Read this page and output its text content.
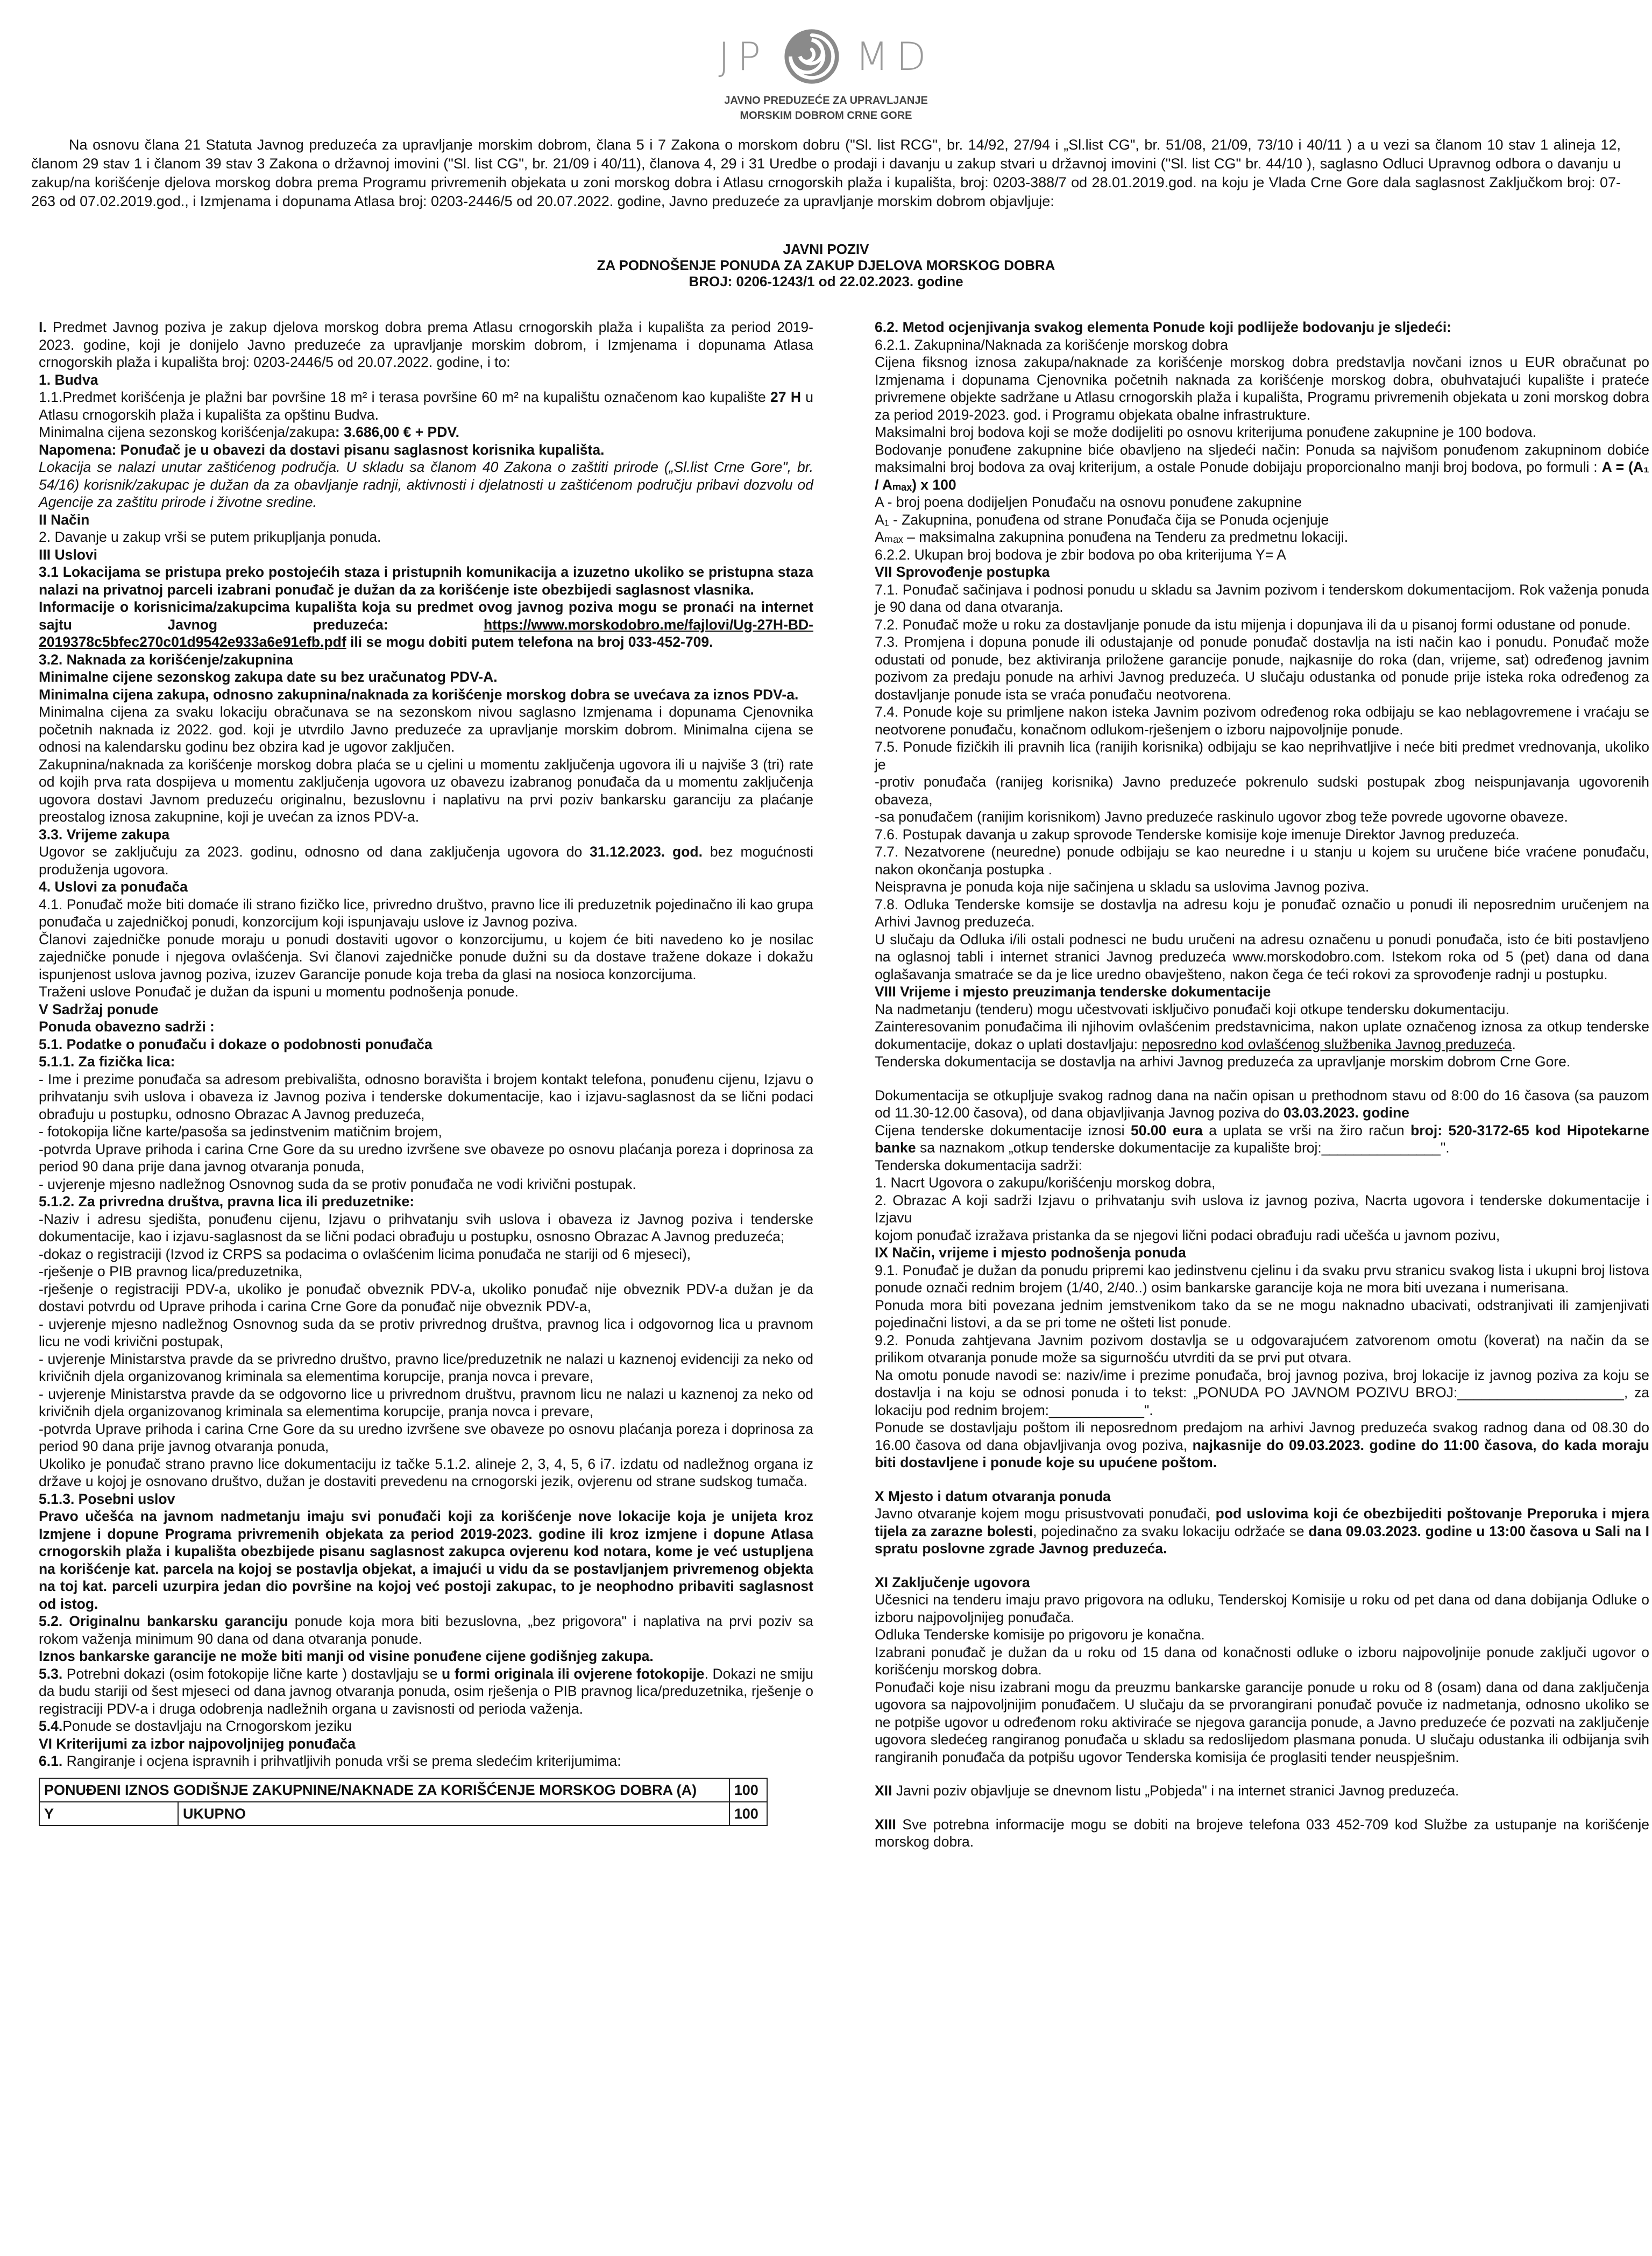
JP MD
JAVNO PREDUZEĆE ZA UPRAVLJANJE
MORSKIM DOBROM CRNE GORE

Na osnovu člana 21 Statuta Javnog preduzeća za upravljanje morskim dobrom, člana 5 i 7 Zakona o morskom dobru ("Sl. list RCG", br. 14/92, 27/94 i „Sl.list CG", br. 51/08, 21/09, 73/10 i 40/11 ) a u vezi sa članom 10 stav 1 alineja 12, članom 29 stav 1 i članom 39 stav 3 Zakona o državnoj imovini ("Sl. list CG", br. 21/09 i 40/11), članova 4, 29 i 31 Uredbe o prodaji i davanju u zakup stvari u državnoj imovini ("Sl. list CG" br. 44/10 ), saglasno Odluci Upravnog odbora o davanju u zakup/na korišćenje djelova morskog dobra prema Programu privremenih objekata u zoni morskog dobra i Atlasu crnogorskih plaža i kupališta, broj: 0203-388/7 od 28.01.2019.god. na koju je Vlada Crne Gore dala saglasnost Zaključkom broj: 07-263 od 07.02.2019.god., i Izmjenama i dopunama Atlasa broj: 0203-2446/5 od 20.07.2022. godine, Javno preduzeće za upravljanje morskim dobrom objavljuje:

JAVNI POZIV
ZA PODNOŠENJE PONUDA ZA ZAKUP DJELOVA MORSKOG DOBRA
BROJ: 0206-1243/1 od 22.02.2023. godine

I. Predmet Javnog poziva je zakup djelova morskog dobra prema Atlasu crnogorskih plaža i kupališta za period 2019-2023. godine, koji je donijelo Javno preduzeće za upravljanje morskim dobrom, i Izmjenama i dopunama Atlasa crnogorskih plaža i kupališta broj: 0203-2446/5 od 20.07.2022. godine, i to:

1. Budva

1.1.Predmet korišćenja je plažni bar površine 18 m² i terasa površine 60 m² na kupalištu označenom kao kupalište 27 H u Atlasu crnogorskih plaža i kupališta za opštinu Budva.

Minimalna cijena sezonskog korišćenja/zakupa: 3.686,00 € + PDV.

Napomena: Ponuđač je u obavezi da dostavi pisanu saglasnost korisnika kupališta.

Lokacija se nalazi unutar zaštićenog područja. U skladu sa članom 40 Zakona o zaštiti prirode („Sl.list Crne Gore", br. 54/16) korisnik/zakupac je dužan da za obavljanje radnji, aktivnosti i djelatnosti u zaštićenom području pribavi dozvolu od Agencije za zaštitu prirode i životne sredine.

II Način

2. Davanje u zakup vrši se putem prikupljanja ponuda.

III Uslovi

3.1 Lokacijama se pristupa preko postojećih staza i pristupnih komunikacija a izuzetno ukoliko se pristupna staza nalazi na privatnoj parceli izabrani ponuđač je dužan da za korišćenje iste obezbijedi saglasnost vlasnika.

Informacije o korisnicima/zakupcima kupališta koja su predmet ovog javnog poziva mogu se pronaći na internet sajtu Javnog preduzeća: https://www.morskodobro.me/fajlovi/Ug-27H-BD-2019378c5bfec270c01d9542e933a6e91efb.pdf ili se mogu dobiti putem telefona na broj 033-452-709.

3.2. Naknada za korišćenje/zakupnina

Minimalne cijene sezonskog zakupa date su bez uračunatog PDV-A.

Minimalna cijena zakupa, odnosno zakupnina/naknada za korišćenje morskog dobra se uvećava za iznos PDV-a.

Minimalna cijena za svaku lokaciju obračunava se na sezonskom nivou saglasno Izmjenama i dopunama Cjenovnika početnih naknada iz 2022. god. koji je utvrdilo Javno preduzeće za upravljanje morskim dobrom. Minimalna cijena se odnosi na kalendarsku godinu bez obzira kad je ugovor zaključen.

Zakupnina/naknada za korišćenje morskog dobra plaća se u cjelini u momentu zaključenja ugovora ili u najviše 3 (tri) rate od kojih prva rata dospijeva u momentu zaključenja ugovora uz obavezu izabranog ponuđača da u momentu zaključenja ugovora dostavi Javnom preduzeću originalnu, bezuslovnu i naplativu na prvi poziv bankarsku garanciju za plaćanje preostalog iznosa zakupnine, koji je uvećan za iznos PDV-a.

3.3. Vrijeme zakupa

Ugovor se zaključuju za 2023. godinu, odnosno od dana zaključenja ugovora do 31.12.2023. god. bez mogućnosti produženja ugovora.

4. Uslovi za ponuđača

4.1. Ponuđač može biti domaće ili strano fizičko lice, privredno društvo, pravno lice ili preduzetnik pojedinačno ili kao grupa ponuđača u zajedničkoj ponudi, konzorcijum koji ispunjavaju uslove iz Javnog poziva.

Članovi zajedničke ponude moraju u ponudi dostaviti ugovor o konzorcijumu, u kojem će biti navedeno ko je nosilac zajedničke ponude i njegova ovlašćenja. Svi članovi zajedničke ponude dužni su da dostave tražene dokaze i dokažu ispunjenost uslova javnog poziva, izuzev Garancije ponude koja treba da glasi na nosioca konzorcijuma.

Traženi uslove Ponuđač je dužan da ispuni u momentu podnošenja ponude.

V Sadržaj ponude

Ponuda obavezno sadrži :

5.1. Podatke o ponuđaču i dokaze o podobnosti ponuđača

5.1.1. Za fizička lica:

- Ime i prezime ponuđača sa adresom prebivališta, odnosno boravišta i brojem kontakt telefona, ponuđenu cijenu, Izjavu o prihvatanju svih uslova i obaveza iz Javnog poziva i tenderske dokumentacije, kao i izjavu-saglasnost da se lični podaci obrađuju u postupku, odnosno Obrazac A Javnog preduzeća,

- fotokopija lične karte/pasoša sa jedinstvenim matičnim brojem,

-potvrda Uprave prihoda i carina Crne Gore da su uredno izvršene sve obaveze po osnovu plaćanja poreza i doprinosa za period 90 dana prije dana javnog otvaranja ponuda,

- uvjerenje mjesno nadležnog Osnovnog suda da se protiv ponuđača ne vodi krivični postupak.

5.1.2. Za privredna društva, pravna lica ili preduzetnike:

-Naziv i adresu sjedišta, ponuđenu cijenu, Izjavu o prihvatanju svih uslova i obaveza iz Javnog poziva i tenderske dokumentacije, kao i izjavu-saglasnost da se lični podaci obrađuju u postupku, osnosno Obrazac A Javnog preduzeća;

-dokaz o registraciji (Izvod iz CRPS sa podacima o ovlašćenim licima ponuđača ne stariji od 6 mjeseci),

-rješenje o PIB pravnog lica/preduzetnika,

-rješenje o registraciji PDV-a, ukoliko je ponuđač obveznik PDV-a, ukoliko ponuđač nije obveznik PDV-a dužan je da dostavi potvrdu od Uprave prihoda i carina Crne Gore da ponuđač nije obveznik PDV-a,

- uvjerenje mjesno nadležnog Osnovnog suda da se protiv privrednog društva, pravnog lica i odgovornog lica u pravnom licu ne vodi krivični postupak,

- uvjerenje Ministarstva pravde da se privredno društvo, pravno lice/preduzetnik ne nalazi u kaznenoj evidenciji za neko od krivičnih djela organizovanog kriminala sa elementima korupcije, pranja novca i prevare,

- uvjerenje Ministarstva pravde da se odgovorno lice u privrednom društvu, pravnom licu ne nalazi u kaznenoj za neko od krivičnih djela organizovanog kriminala sa elementima korupcije, pranja novca i prevare,

-potvrda Uprave prihoda i carina Crne Gore da su uredno izvršene sve obaveze po osnovu plaćanja poreza i doprinosa za period 90 dana prije javnog otvaranja ponuda,

Ukoliko je ponuđač strano pravno lice dokumentaciju iz tačke 5.1.2. alineje 2, 3, 4, 5, 6 i7. izdatu od nadležnog organa iz države u kojoj je osnovano društvo, dužan je dostaviti prevedenu na crnogorski jezik, ovjerenu od strane sudskog tumača.

5.1.3. Posebni uslov

Pravo učešća na javnom nadmetanju imaju svi ponuđači koji za korišćenje nove lokacije koja je unijeta kroz Izmjene i dopune Programa privremenih objekata za period 2019-2023. godine ili kroz izmjene i dopune Atlasa crnogorskih plaža i kupališta obezbijede pisanu saglasnost zakupca ovjerenu kod notara, kome je već ustupljena na korišćenje kat. parcela na kojoj se postavlja objekat, a imajući u vidu da se postavljanjem privremenog objekta na toj kat. parceli uzurpira jedan dio površine na kojoj već postoji zakupac, to je neophodno pribaviti saglasnost od istog.

5.2. Originalnu bankarsku garanciju ponude koja mora biti bezuslovna, „bez prigovora" i naplativa na prvi poziv sa rokom važenja minimum 90 dana od dana otvaranja ponude.

Iznos bankarske garancije ne može biti manji od visine ponuđene cijene godišnjeg zakupa.

5.3. Potrebni dokazi (osim fotokopije lične karte ) dostavljaju se u formi originala ili ovjerene fotokopije. Dokazi ne smiju da budu stariji od šest mjeseci od dana javnog otvaranja ponuda, osim rješenja o PIB pravnog lica/preduzetnika, rješenje o registraciji PDV-a i druga odobrenja nadležnih organa u zavisnosti od perioda važenja.

5.4.Ponude se dostavljaju na Crnogorskom jeziku

VI Kriterijumi za izbor najpovoljnijeg ponuđača

6.1. Rangiranje i ocjena ispravnih i prihvatljivih ponuda vrši se prema sledećim kriterijumima:

PONUĐENI IZNOS GODIŠNJE ZAKUPNINE/NAKNADE ZA KORIŠĆENJE MORSKOG DOBRA (A)		100
Y	UKUPNO	100

6.2. Metod ocjenjivanja svakog elementa Ponude koji podliježe bodovanju je sljedeći:

6.2.1. Zakupnina/Naknada za korišćenje morskog dobra

Cijena fiksnog iznosa zakupa/naknade za korišćenje morskog dobra predstavlja novčani iznos u EUR obračunat po Izmjenama i dopunama Cjenovnika početnih naknada za korišćenje morskog dobra, obuhvatajući kupalište i prateće privremene objekte sadržane u Atlasu crnogorskih plaža i kupališta, Programu privremenih objekata u zoni morskog dobra za period 2019-2023. god. i Programu objekata obalne infrastrukture.

Maksimalni broj bodova koji se može dodijeliti po osnovu kriterijuma ponuđene zakupnine je 100 bodova.

Bodovanje ponuđene zakupnine biće obavljeno na sljedeći način: Ponuda sa najvišom ponuđenom zakupninom dobiće maksimalni broj bodova za ovaj kriterijum, a ostale Ponude dobijaju proporcionalno manji broj bodova, po formuli : A = (A₁ / Aₘₐₓ) x 100

A - broj poena dodijeljen Ponuđaču na osnovu ponuđene zakupnine

A₁ - Zakupnina, ponuđena od strane Ponuđača čija se Ponuda ocjenjuje

Aₘₐₓ – maksimalna zakupnina ponuđena na Tenderu za predmetnu lokaciji.

6.2.2. Ukupan broj bodova je zbir bodova po oba kriterijuma Y= A

VII Sprovođenje postupka

7.1. Ponuđač sačinjava i podnosi ponudu u skladu sa Javnim pozivom i tenderskom dokumentacijom. Rok važenja ponuda je 90 dana od dana otvaranja.

7.2. Ponuđač može u roku za dostavljanje ponude da istu mijenja i dopunjava ili da u pisanoj formi odustane od ponude.

7.3. Promjena i dopuna ponude ili odustajanje od ponude ponuđač dostavlja na isti način kao i ponudu. Ponuđač može odustati od ponude, bez aktiviranja priložene garancije ponude, najkasnije do roka (dan, vrijeme, sat) određenog javnim pozivom za predaju ponude na arhivi Javnog preduzeća. U slučaju odustanka od ponude prije isteka roka određenog za dostavljanje ponude ista se vraća ponuđaču neotvorena.

7.4. Ponude koje su primljene nakon isteka Javnim pozivom određenog roka odbijaju se kao neblagovremene i vraćaju se neotvorene ponuđaču, konačnom odlukom-rješenjem o izboru najpovoljnije ponude.

7.5. Ponude fizičkih ili pravnih lica (ranijih korisnika) odbijaju se kao neprihvatljive i neće biti predmet vrednovanja, ukoliko je

-protiv ponuđača (ranijeg korisnika) Javno preduzeće pokrenulo sudski postupak zbog neispunjavanja ugovorenih obaveza,

-sa ponuđačem (ranijim korisnikom) Javno preduzeće raskinulo ugovor zbog teže povrede ugovorne obaveze.

7.6. Postupak davanja u zakup sprovode Tenderske komisije koje imenuje Direktor Javnog preduzeća.

7.7. Nezatvorene (neuredne) ponude odbijaju se kao neuredne i u stanju u kojem su uručene biće vraćene ponuđaču, nakon okončanja postupka .

Neispravna je ponuda koja nije sačinjena u skladu sa uslovima Javnog poziva.

7.8. Odluka Tenderske komsije se dostavlja na adresu koju je ponuđač označio u ponudi ili neposrednim uručenjem na Arhivi Javnog preduzeća.

U slučaju da Odluka i/ili ostali podnesci ne budu uručeni na adresu označenu u ponudi ponuđača, isto će biti postavljeno na oglasnoj tabli i internet stranici Javnog preduzeća www.morskodobro.com. Istekom roka od 5 (pet) dana od dana oglašavanja smatraće se da je lice uredno obavješteno, nakon čega će teći rokovi za sprovođenje radnji u postupku.

VIII Vrijeme i mjesto preuzimanja tenderske dokumentacije

Na nadmetanju (tenderu) mogu učestvovati isključivo ponuđači koji otkupe tendersku dokumentaciju.

Zainteresovanim ponuđačima ili njihovim ovlašćenim predstavnicima, nakon uplate označenog iznosa za otkup tenderske dokumentacije, dokaz o uplati dostavljaju: neposredno kod ovlašćenog službenika Javnog preduzeća.

Tenderska dokumentacija se dostavlja na arhivi Javnog preduzeća za upravljanje morskim dobrom Crne Gore.

Dokumentacija se otkupljuje svakog radnog dana na način opisan u prethodnom stavu od 8:00 do 16 časova (sa pauzom od 11.30-12.00 časova), od dana objavljivanja Javnog poziva do 03.03.2023. godine

Cijena tenderske dokumentacije iznosi 50.00 eura a uplata se vrši na žiro račun broj: 520-3172-65 kod Hipotekarne banke sa naznakom „otkup tenderske dokumentacije za kupalište broj:_______________".

Tenderska dokumentacija sadrži:

1. Nacrt Ugovora o zakupu/korišćenju morskog dobra,

2. Obrazac A koji sadrži Izjavu o prihvatanju svih uslova iz javnog poziva, Nacrta ugovora i tenderske dokumentacije i Izjavu

kojom ponuđač izražava pristanka da se njegovi lični podaci obrađuju radi učešća u javnom pozivu,

IX Način, vrijeme i mjesto podnošenja ponuda

9.1. Ponuđač je dužan da ponudu pripremi kao jedinstvenu cjelinu i da svaku prvu stranicu svakog lista i ukupni broj listova ponude označi rednim brojem (1/40, 2/40..) osim bankarske garancije koja ne mora biti uvezana i numerisana.

Ponuda mora biti povezana jednim jemstvenikom tako da se ne mogu naknadno ubacivati, odstranjivati ili zamjenjivati pojedinačni listovi, a da se pri tome ne ošteti list ponude.

9.2. Ponuda zahtjevana Javnim pozivom dostavlja se u odgovarajućem zatvorenom omotu (koverat) na način da se prilikom otvaranja ponude može sa sigurnošću utvrditi da se prvi put otvara.

Na omotu ponude navodi se: naziv/ime i prezime ponuđača, broj javnog poziva, broj lokacije iz javnog poziva za koju se dostavlja i na koju se odnosi ponuda i to tekst: „PONUDA PO JAVNOM POZIVU BROJ:_____________________, za lokaciju pod rednim brojem:____________".

Ponude se dostavljaju poštom ili neposrednom predajom na arhivi Javnog preduzeća svakog radnog dana od 08.30 do 16.00 časova od dana objavljivanja ovog poziva, najkasnije do 09.03.2023. godine do 11:00 časova, do kada moraju biti dostavljene i ponude koje su upućene poštom.

X Mjesto i datum otvaranja ponuda

Javno otvaranje kojem mogu prisustvovati ponuđači, pod uslovima koji će obezbijediti poštovanje Preporuka i mjera tijela za zarazne bolesti, pojedinačno za svaku lokaciju održaće se dana 09.03.2023. godine u 13:00 časova u Sali na I spratu poslovne zgrade Javnog preduzeća.

XI Zaključenje ugovora

Učesnici na tenderu imaju pravo prigovora na odluku, Tenderskoj Komisije u roku od pet dana od dana dobijanja Odluke o izboru najpovoljnijeg ponuđača.

Odluka Tenderske komisije po prigovoru je konačna.

Izabrani ponuđač je dužan da u roku od 15 dana od konačnosti odluke o izboru najpovoljnije ponude zaključi ugovor o korišćenju morskog dobra.

Ponuđači koje nisu izabrani mogu da preuzmu bankarske garancije ponude u roku od 8 (osam) dana od dana zaključenja ugovora sa najpovoljnijim ponuđačem. U slučaju da se prvorangirani ponuđač povuče iz nadmetanja, odnosno ukoliko se ne potpiše ugovor u određenom roku aktiviraće se njegova garancija ponude, a Javno preduzeće će pozvati na zaključenje ugovora sledećeg rangiranog ponuđača u skladu sa redoslijedom plasmana ponuda. U slučaju odustanka ili odbijanja svih rangiranih ponuđača da potpišu ugovor Tenderska komisija će proglasiti tender neuspješnim.

XII Javni poziv objavljuje se dnevnom listu „Pobjeda" i na internet stranici Javnog preduzeća.

XIII Sve potrebna informacije mogu se dobiti na brojeve telefona 033 452-709 kod Službe za ustupanje na korišćenje morskog dobra.
